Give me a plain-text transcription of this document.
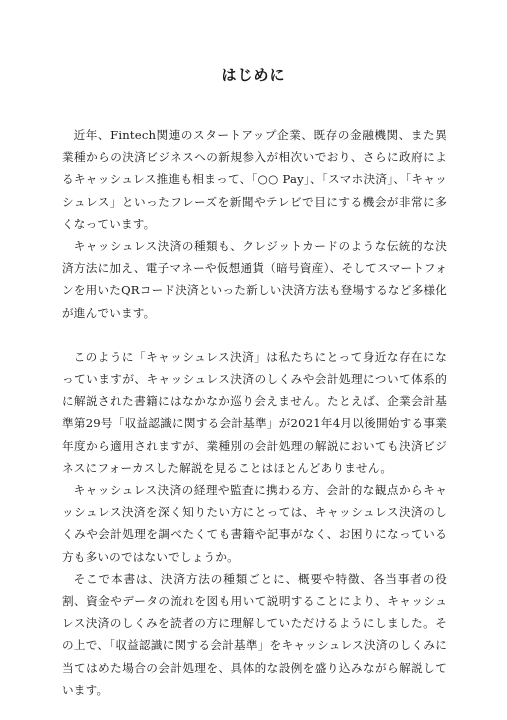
はじめに

近年、Fintech関連のスタートアップ企業、既存の金融機関、また異業種からの決済ビジネスへの新規参入が相次いでおり、さらに政府によるキャッシュレス推進も相まって、「○○ Pay」、「スマホ決済」、「キャッシュレス」といったフレーズを新聞やテレビで目にする機会が非常に多くなっています。

キャッシュレス決済の種類も、クレジットカードのような伝統的な決済方法に加え、電子マネーや仮想通貨（暗号資産）、そしてスマートフォンを用いたQRコード決済といった新しい決済方法も登場するなど多様化が進んでいます。

このように「キャッシュレス決済」は私たちにとって身近な存在になっていますが、キャッシュレス決済のしくみや会計処理について体系的に解説された書籍にはなかなか巡り会えません。たとえば、企業会計基準第29号「収益認識に関する会計基準」が2021年4月以後開始する事業年度から適用されますが、業種別の会計処理の解説においても決済ビジネスにフォーカスした解説を見ることはほとんどありません。

キャッシュレス決済の経理や監査に携わる方、会計的な観点からキャッシュレス決済を深く知りたい方にとっては、キャッシュレス決済のしくみや会計処理を調べたくても書籍や記事がなく、お困りになっている方も多いのではないでしょうか。

そこで本書は、決済方法の種類ごとに、概要や特徴、各当事者の役割、資金やデータの流れを図も用いて説明することにより、キャッシュレス決済のしくみを読者の方に理解していただけるようにしました。その上で、「収益認識に関する会計基準」をキャッシュレス決済のしくみに当てはめた場合の会計処理を、具体的な設例を盛り込みながら解説しています。
